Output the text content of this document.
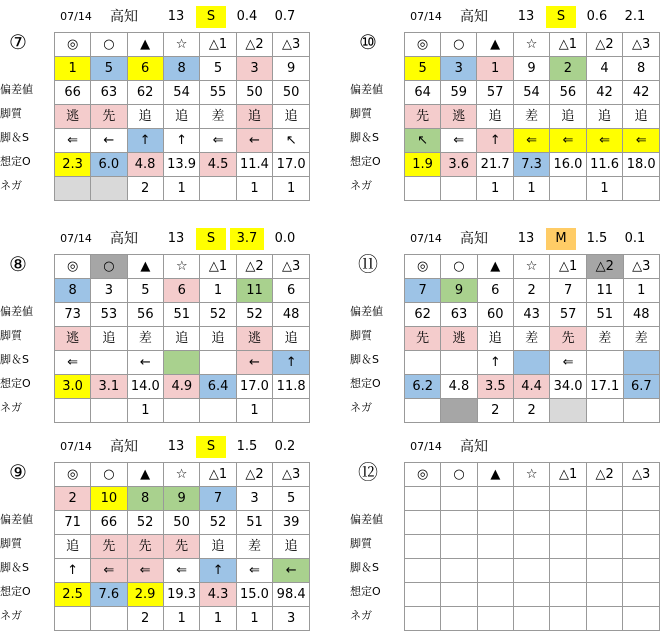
07/14 高知	13	S	0.4	0.7
⑦
偏差値
脚質
脚＆S
想定O
ネガ
◎	○	▲	☆	△1	△2	△3
1	5	6	8	5	3	9
66	63	62	54	55	50	50
逃	先	追	追	差	追	追
⇐	←	↑	↑	⇐	←	↖
2.3	6.0	4.8	13.9	4.5	11.4	17.0
		2	1		1	1
07/14 高知	13	S	0.6	2.1
⑩
偏差値
脚質
脚＆S
想定O
ネガ
◎	○	▲	☆	△1	△2	△3
5	3	1	9	2	4	8
64	59	57	54	56	42	42
先	逃	追	差	追	追	追
↖	⇐	↑	⇐	⇐	⇐	⇐
1.9	3.6	21.7	7.3	16.0	11.6	18.0
		1	1		1	
07/14 高知	13	S	3.7	0.0
⑧
偏差値
脚質
脚＆S
想定O
ネガ
◎	○	▲	☆	△1	△2	△3
8	3	5	6	1	11	6
73	53	56	51	52	52	48
逃	追	差	追	追	逃	追
⇐		←			←	↑
3.0	3.1	14.0	4.9	6.4	17.0	11.8
		1			1	
07/14 高知	13	M	1.5	0.1
⑪
偏差値
脚質
脚＆S
想定O
ネガ
◎	○	▲	☆	△1	△2	△3
7	9	6	2	7	11	1
62	63	60	43	57	51	48
先	逃	追	差	先	差	差
		↑		⇐		
6.2	4.8	3.5	4.4	34.0	17.1	6.7
		2	2			
07/14 高知	13	S	1.5	0.2
⑨
偏差値
脚質
脚＆S
想定O
ネガ
◎	○	▲	☆	△1	△2	△3
2	10	8	9	7	3	5
71	66	52	50	52	51	39
追	先	先	先	追	差	追
↑	⇐	⇐	⇐	↑	⇐	←
2.5	7.6	2.9	19.3	4.3	15.0	98.4
		2	1	1	1	3
07/14 高知
⑫
偏差値
脚質
脚＆S
想定O
ネガ
◎	○	▲	☆	△1	△2	△3
